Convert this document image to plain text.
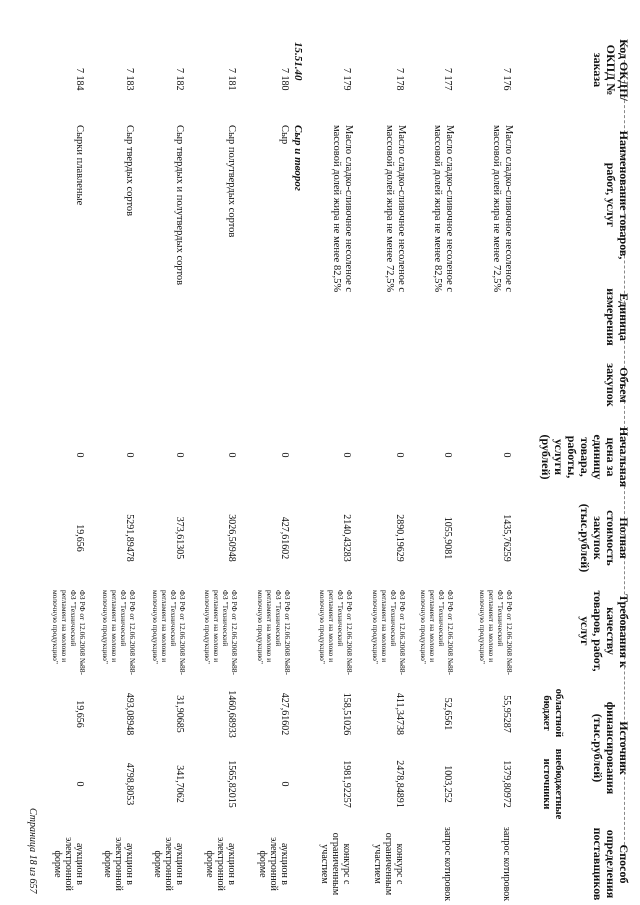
Код ОКДП/ ОКПД № заказа
Наименование товаров, работ, услуг
Единица измерения
Объем закупок
Начальная цена за единицу товара, работы, услуги (рублей)
Полная стоимость закупок (тыс.рублей)
Требования к качеству товаров, работ, услуг
Источник финансирования (тыс.рублей)
областной бюджет
внебюджетные источники
Способ определения поставщиков
7 176
Масло сладко-сливочное несоленое с массовой долей жира не менее 72,5%
0
1435,76259
ФЗ РФ от 12.06.2008 №88-ФЗ "Технический регламент на молоко и молочную продукцию"
55,95287
1379,80972
запрос котировок
7 177
Масло сладко-сливочное несоленое с массовой долей жира не менее 82,5%
0
1055,9081
ФЗ РФ от 12.06.2008 №88-ФЗ "Технический регламент на молоко и молочную продукцию"
52,6561
1003,252
запрос котировок
7 178
Масло сладко-сливочное несоленое с массовой долей жира не менее 72,5%
0
2890,19629
ФЗ РФ от 12.06.2008 №88-ФЗ "Технический регламент на молоко и молочную продукцию"
411,34738
2478,84891
конкурс с ограниченным участием
7 179
Масло сладко-сливочное несоленое с массовой долей жира не менее 82,5%
0
2140,43283
ФЗ РФ от 12.06.2008 №88-ФЗ "Технический регламент на молоко и молочную продукцию"
158,51026
1981,92257
конкурс с ограниченным участием
15.51.40
Сыр и творог
7 180
Сыр
0
427,61602
ФЗ РФ от 12.06.2008 №88-ФЗ "Технический регламент на молоко и молочную продукцию"
427,61602
0
аукцион в электронной форме
7 181
Сыр полутвердых сортов
0
3026,50948
ФЗ РФ от 12.06.2008 №88-ФЗ "Технический регламент на молоко и молочную продукцию"
1460,68933
1565,82015
аукцион в электронной форме
7 182
Сыр твердых и полутвердых сортов
0
373,61305
ФЗ РФ от 12.06.2008 №88-ФЗ "Технический регламент на молоко и молочную продукцию"
31,90685
341,7062
аукцион в электронной форме
7 183
Сыр твердых сортов
0
5291,89478
ФЗ РФ от 12.06.2008 №88-ФЗ "Технический регламент на молоко и молочную продукцию"
493,08948
4798,8053
аукцион в электронной форме
7 184
Сырки плавленые
0
19,656
ФЗ РФ от 12.06.2008 №88-ФЗ "Технический регламент на молоко и молочную продукцию"
19,656
0
аукцион в электронной форме
Страница 18 из 657
